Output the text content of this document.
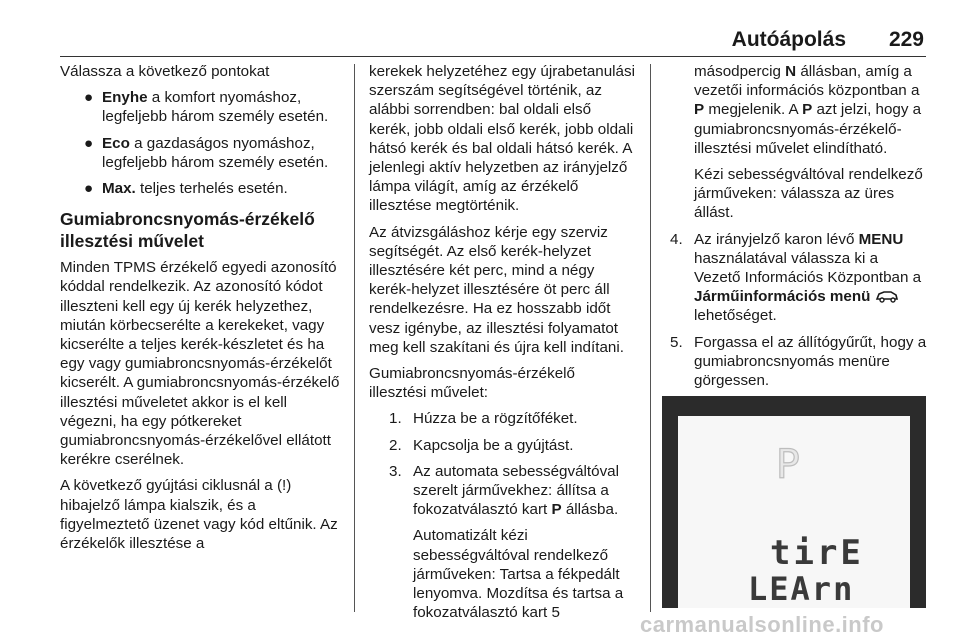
Autóápolás 229

Válassza a következő pontokat

● Enyhe a komfort nyomáshoz, legfeljebb három személy esetén.
● Eco a gazdaságos nyomáshoz, legfeljebb három személy esetén.
● Max. teljes terhelés esetén.
Gumiabroncsnyomás-érzékelő illesztési művelet

Minden TPMS érzékelő egyedi azonosító kóddal rendelkezik. Az azonosító kódot illeszteni kell egy új kerék helyzethez, miután körbecserélte a kerekeket, vagy kicserélte a teljes kerék-készletet és ha egy vagy gumiabroncsnyomás-érzékelőt kicserélt. A gumiabroncsnyomás-érzékelő illesztési műveletet akkor is el kell végezni, ha egy pótkereket gumiabroncsnyomás-érzékelővel ellátott kerékre cserélnek.

A következő gyújtási ciklusnál a (!) hibajelző lámpa kialszik, és a figyelmeztető üzenet vagy kód eltűnik. Az érzékelők illesztése a

kerekek helyzetéhez egy újrabetanulási szerszám segítségével történik, az alábbi sorrendben: bal oldali első kerék, jobb oldali első kerék, jobb oldali hátsó kerék és bal oldali hátsó kerék. A jelenlegi aktív helyzetben az irányjelző lámpa világít, amíg az érzékelő illesztése megtörténik.

Az átvizsgáláshoz kérje egy szerviz segítségét. Az első kerék-helyzet illesztésére két perc, mind a négy kerék-helyzet illesztésére öt perc áll rendelkezésre. Ha ez hosszabb időt vesz igénybe, az illesztési folyamatot meg kell szakítani és újra kell indítani.

Gumiabroncsnyomás-érzékelő illesztési művelet:

1. Húzza be a rögzítőféket.
2. Kapcsolja be a gyújtást.
3. Az automata sebességváltóval szerelt járművekhez: állítsa a fokozatválasztó kart P állásba.
Automatizált kézi sebességváltóval rendelkező járműveken: Tartsa a fékpedált lenyomva. Mozdítsa és tartsa a fokozatválasztó kart 5
másodpercig N állásban, amíg a vezetői információs központban a P megjelenik. A P azt jelzi, hogy a gumiabroncsnyomás-érzékelő-illesztési művelet elindítható.
Kézi sebességváltóval rendelkező járműveken: válassza az üres állást.
4. Az irányjelző karon lévő MENU használatával válassza ki a Vezető Információs Központban a Járműinformációs menü  lehetőséget.
5. Forgassa el az állítógyűrűt, hogy a gumiabroncsnyomás menüre görgessen.
P
tirE
LEArn
carmanualsonline.info
